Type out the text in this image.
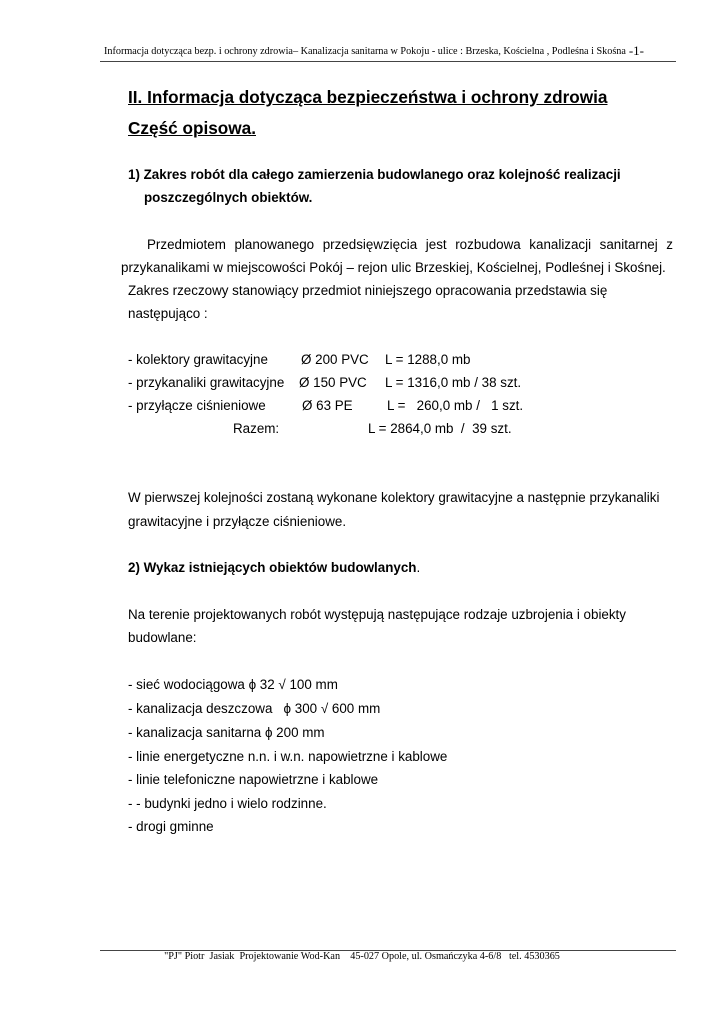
Informacja dotycząca bezp. i ochrony zdrowia– Kanalizacja sanitarna w Pokoju - ulice : Brzeska, Kościelna , Podleśna i Skośna -1-
II. Informacja dotycząca bezpieczeństwa i ochrony zdrowia
Część opisowa.
1) Zakres robót dla całego zamierzenia budowlanego oraz kolejność realizacji
poszczególnych obiektów.
Przedmiotem planowanego przedsięwzięcia jest rozbudowa kanalizacji sanitarnej z
przykanalikami w miejscowości Pokój – rejon ulic Brzeskiej, Kościelnej, Podleśnej i Skośnej.
Zakres rzeczowy stanowiący przedmiot niniejszego opracowania przedstawia się
następująco :
- kolektory grawitacyjne Ø 200 PVC L = 1288,0 mb
- przykanaliki grawitacyjne Ø 150 PVC L = 1316,0 mb / 38 szt.
- przyłącze ciśnieniowe	Ø 63 PE	L =   260,0 mb /   1 szt.
Razem:	L = 2864,0 mb  /  39 szt.
W pierwszej kolejności zostaną wykonane kolektory grawitacyjne a następnie przykanaliki
grawitacyjne i przyłącze ciśnieniowe.
2) Wykaz istniejących obiektów budowlanych.
Na terenie projektowanych robót występują następujące rodzaje uzbrojenia i obiekty
budowlane:
- sieć wodociągowa ϕ 32 √ 100 mm
- kanalizacja deszczowa   ϕ 300 √ 600 mm
- kanalizacja sanitarna ϕ 200 mm
- linie energetyczne n.n. i w.n. napowietrzne i kablowe
- linie telefoniczne napowietrzne i kablowe
- - budynki jedno i wielo rodzinne.
- drogi gminne
"PJ" Piotr  Jasiak  Projektowanie Wod-Kan    45-027 Opole, ul. Osmańczyka 4-6/8   tel. 4530365
